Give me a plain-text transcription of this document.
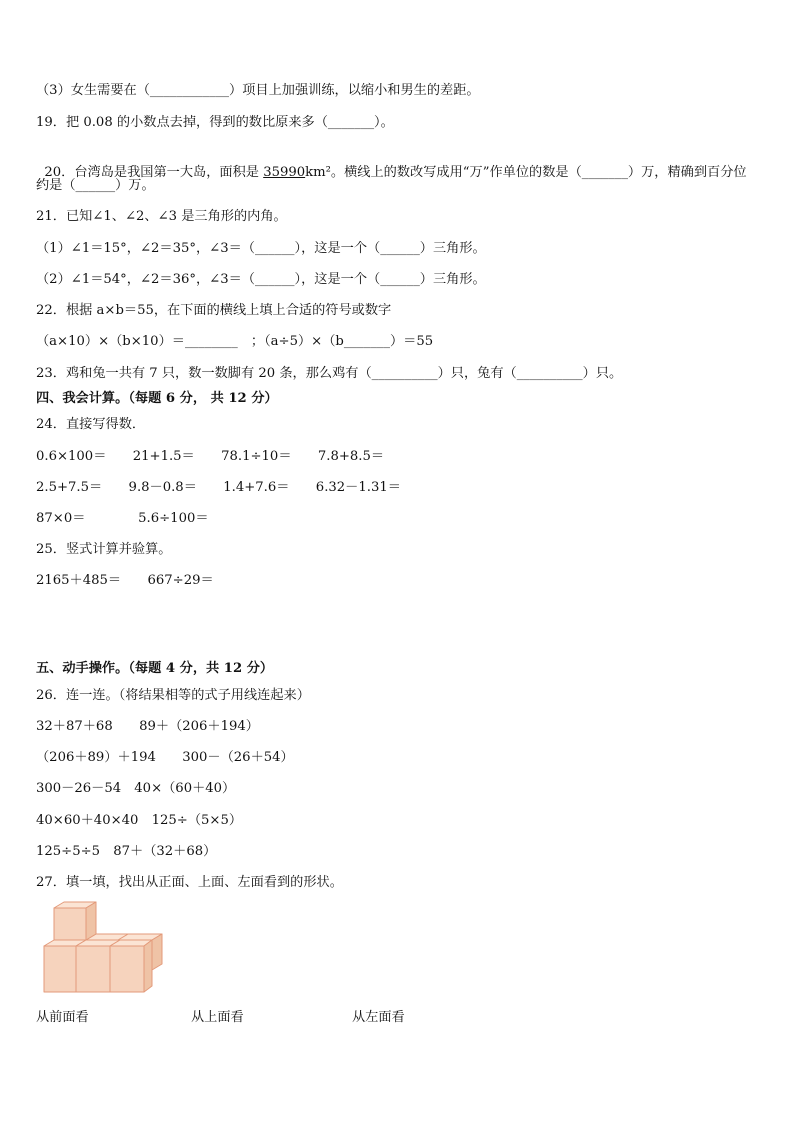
（3）女生需要在（____________）项目上加强训练，以缩小和男生的差距。
19．把 0.08 的小数点去掉，得到的数比原来多（_______）。

20．台湾岛是我国第一大岛，面积是 35990km²。横线上的数改写成用“万”作单位的数是（_______）万，精确到百分位

约是（______）万。
21．已知∠1、∠2、∠3 是三角形的内角。
（1）∠1＝15°，∠2＝35°，∠3＝（______），这是一个（______）三角形。
（2）∠1＝54°，∠2＝36°，∠3＝（______），这是一个（______）三角形。
22．根据 a×b＝55，在下面的横线上填上合适的符号或数字
（a×10）×（b×10）＝________　；（a÷5）×（b_______）＝55
23．鸡和兔一共有 7 只，数一数脚有 20 条，那么鸡有（__________）只，兔有（__________）只。
四、我会计算。（每题 6 分， 共 12 分）
24．直接写得数．
0.6×100＝　　21+1.5＝　　78.1÷10＝　　7.8+8.5＝
2.5+7.5＝　　9.8－0.8＝　　1.4+7.6＝　　6.32－1.31＝
87×0＝　　　　5.6÷100＝
25．竖式计算并验算。
2165＋485＝　　667÷29＝
五、动手操作。（每题 4 分，共 12 分）
26．连一连。（将结果相等的式子用线连起来）
32＋87＋68　　89＋（206＋194）
（206＋89）＋194　　300－（26＋54）
300－26－54　40×（60＋40）
40×60＋40×40　125÷（5×5）
125÷5÷5　87＋（32＋68）
27．填一填，找出从正面、上面、左面看到的形状。
从前面看	从上面看	从左面看
